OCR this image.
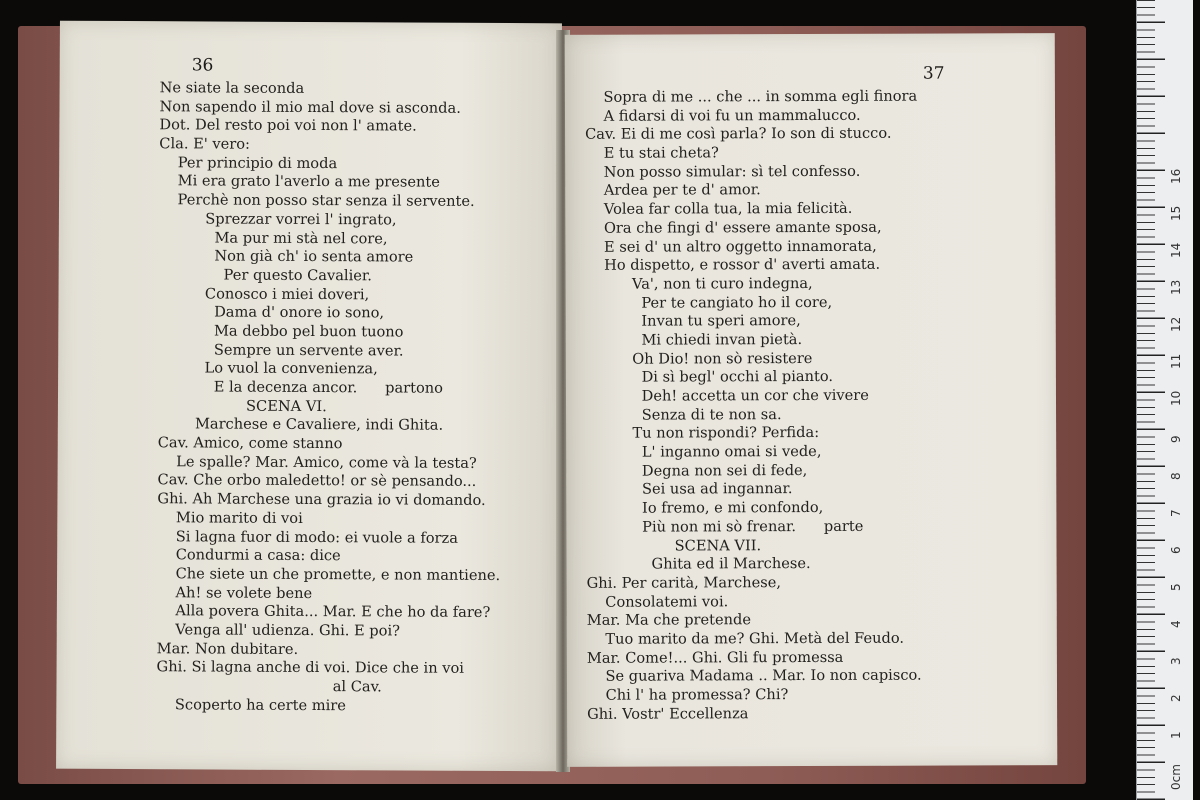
36
Ne siate la seconda
Non sapendo il mio mal dove si asconda.
Dot. Del resto poi voi non l' amate.
Cla. E' vero:
Per principio di moda
Mi era grato l'averlo a me presente
Perchè non posso star senza il servente.
Sprezzar vorrei l' ingrato,
Ma pur mi stà nel core,
Non già ch' io senta amore
Per questo Cavalier.
Conosco i miei doveri,
Dama d' onore io sono,
Ma debbo pel buon tuono
Sempre un servente aver.
Lo vuol la convenienza,
E la decenza ancor.      partono
SCENA VI.
Marchese e Cavaliere, indi Ghita.
Cav. Amico, come stanno
Le spalle? Mar. Amico, come và la testa?
Cav. Che orbo maledetto! or sè pensando...
Ghi. Ah Marchese una grazia io vi domando.
Mio marito di voi
Si lagna fuor di modo: ei vuole a forza
Condurmi a casa: dice
Che siete un che promette, e non mantiene.
Ah! se volete bene
Alla povera Ghita... Mar. E che ho da fare?
Venga all' udienza. Ghi. E poi?
Mar. Non dubitare.
Ghi. Si lagna anche di voi. Dice che in voi
al Cav.
Scoperto ha certe mire
37
Sopra di me ... che ... in somma egli finora
A fidarsi di voi fu un mammalucco.
Cav. Ei di me così parla? Io son di stucco.
E tu stai cheta?
Non posso simular: sì tel confesso.
Ardea per te d' amor.
Volea far colla tua, la mia felicità.
Ora che fingi d' essere amante sposa,
E sei d' un altro oggetto innamorata,
Ho dispetto, e rossor d' averti amata.
Va', non ti curo indegna,
Per te cangiato ho il core,
Invan tu speri amore,
Mi chiedi invan pietà.
Oh Dio! non sò resistere
Di sì begl' occhi al pianto.
Deh! accetta un cor che vivere
Senza di te non sa.
Tu non rispondi? Perfida:
L' inganno omai si vede,
Degna non sei di fede,
Sei usa ad ingannar.
Io fremo, e mi confondo,
Più non mi sò frenar.      parte
SCENA VII.
Ghita ed il Marchese.
Ghi. Per carità, Marchese,
Consolatemi voi.
Mar. Ma che pretende
Tuo marito da me? Ghi. Metà del Feudo.
Mar. Come!... Ghi. Gli fu promessa
Se guariva Madama .. Mar. Io non capisco.
Chi l' ha promessa? Chi?
Ghi. Vostr' Eccellenza
0cm
1
2
3
4
5
6
7
8
9
10
11
12
13
14
15
16
